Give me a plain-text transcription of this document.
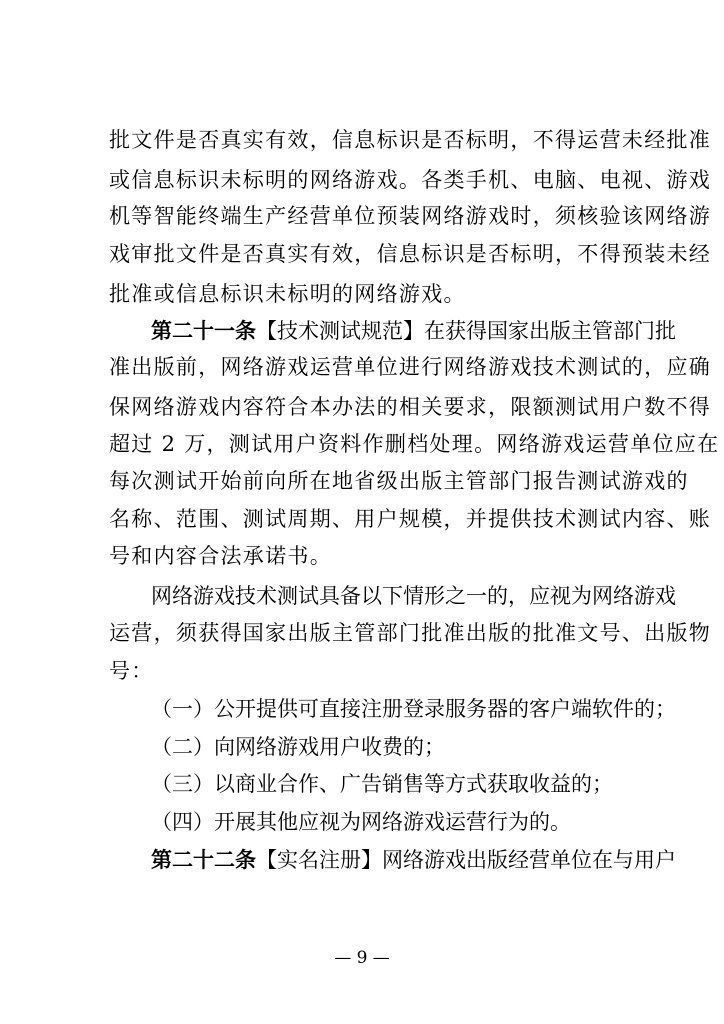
批文件是否真实有效，信息标识是否标明，不得运营未经批准
或信息标识未标明的网络游戏。各类手机、电脑、电视、游戏
机等智能终端生产经营单位预装网络游戏时，须核验该网络游
戏审批文件是否真实有效，信息标识是否标明，不得预装未经
批准或信息标识未标明的网络游戏。
第二十一条【技术测试规范】在获得国家出版主管部门批
准出版前，网络游戏运营单位进行网络游戏技术测试的，应确
保网络游戏内容符合本办法的相关要求，限额测试用户数不得
超过 2 万，测试用户资料作删档处理。网络游戏运营单位应在
每次测试开始前向所在地省级出版主管部门报告测试游戏的
名称、范围、测试周期、用户规模，并提供技术测试内容、账
号和内容合法承诺书。
网络游戏技术测试具备以下情形之一的，应视为网络游戏
运营，须获得国家出版主管部门批准出版的批准文号、出版物
号：
（一）公开提供可直接注册登录服务器的客户端软件的；
（二）向网络游戏用户收费的；
（三）以商业合作、广告销售等方式获取收益的；
（四）开展其他应视为网络游戏运营行为的。
第二十二条【实名注册】网络游戏出版经营单位在与用户
— 9 —
